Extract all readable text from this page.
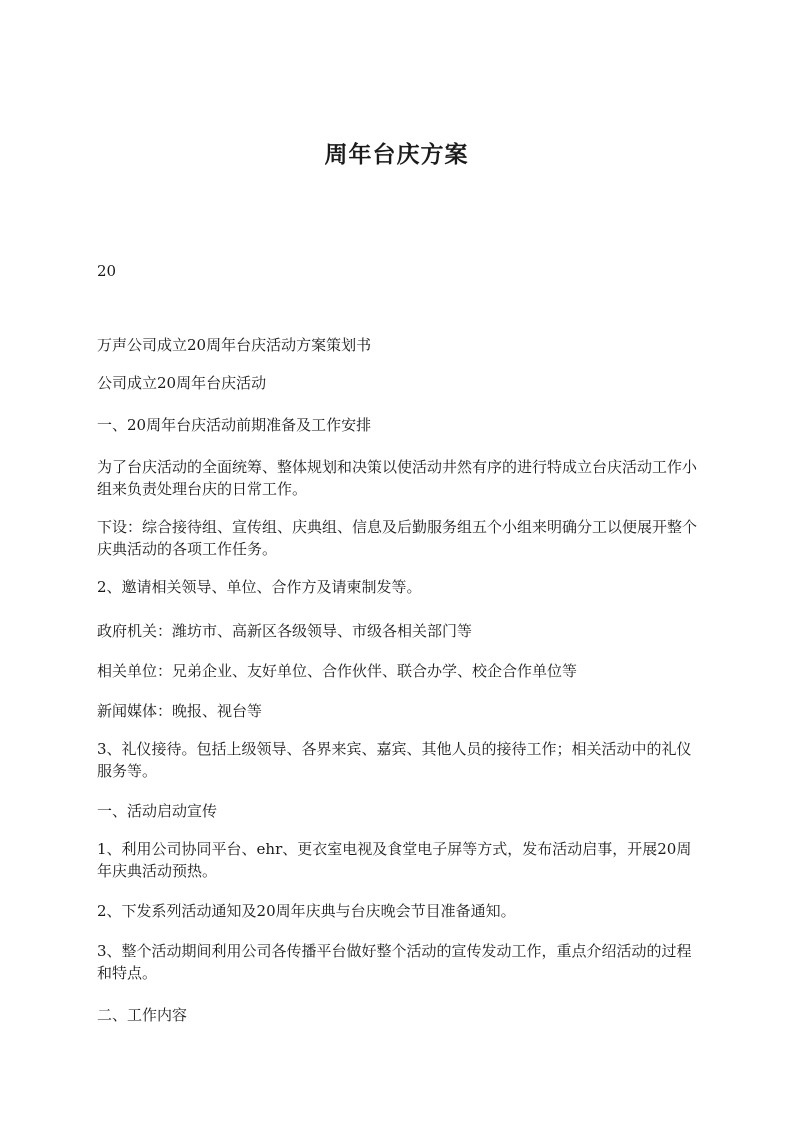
周年台庆方案

20

万声公司成立20周年台庆活动方案策划书

公司成立20周年台庆活动

一、20周年台庆活动前期准备及工作安排

为了台庆活动的全面统筹、整体规划和决策以使活动井然有序的进行特成立台庆活动工作小组来负责处理台庆的日常工作。

下设：综合接待组、宣传组、庆典组、信息及后勤服务组五个小组来明确分工以便展开整个庆典活动的各项工作任务。

2、邀请相关领导、单位、合作方及请柬制发等。

政府机关：潍坊市、高新区各级领导、市级各相关部门等

相关单位：兄弟企业、友好单位、合作伙伴、联合办学、校企合作单位等

新闻媒体：晚报、视台等

3、礼仪接待。包括上级领导、各界来宾、嘉宾、其他人员的接待工作；相关活动中的礼仪服务等。

一、活动启动宣传

1、利用公司协同平台、ehr、更衣室电视及食堂电子屏等方式，发布活动启事，开展20周年庆典活动预热。

2、下发系列活动通知及20周年庆典与台庆晚会节目准备通知。

3、整个活动期间利用公司各传播平台做好整个活动的宣传发动工作，重点介绍活动的过程和特点。

二、工作内容
